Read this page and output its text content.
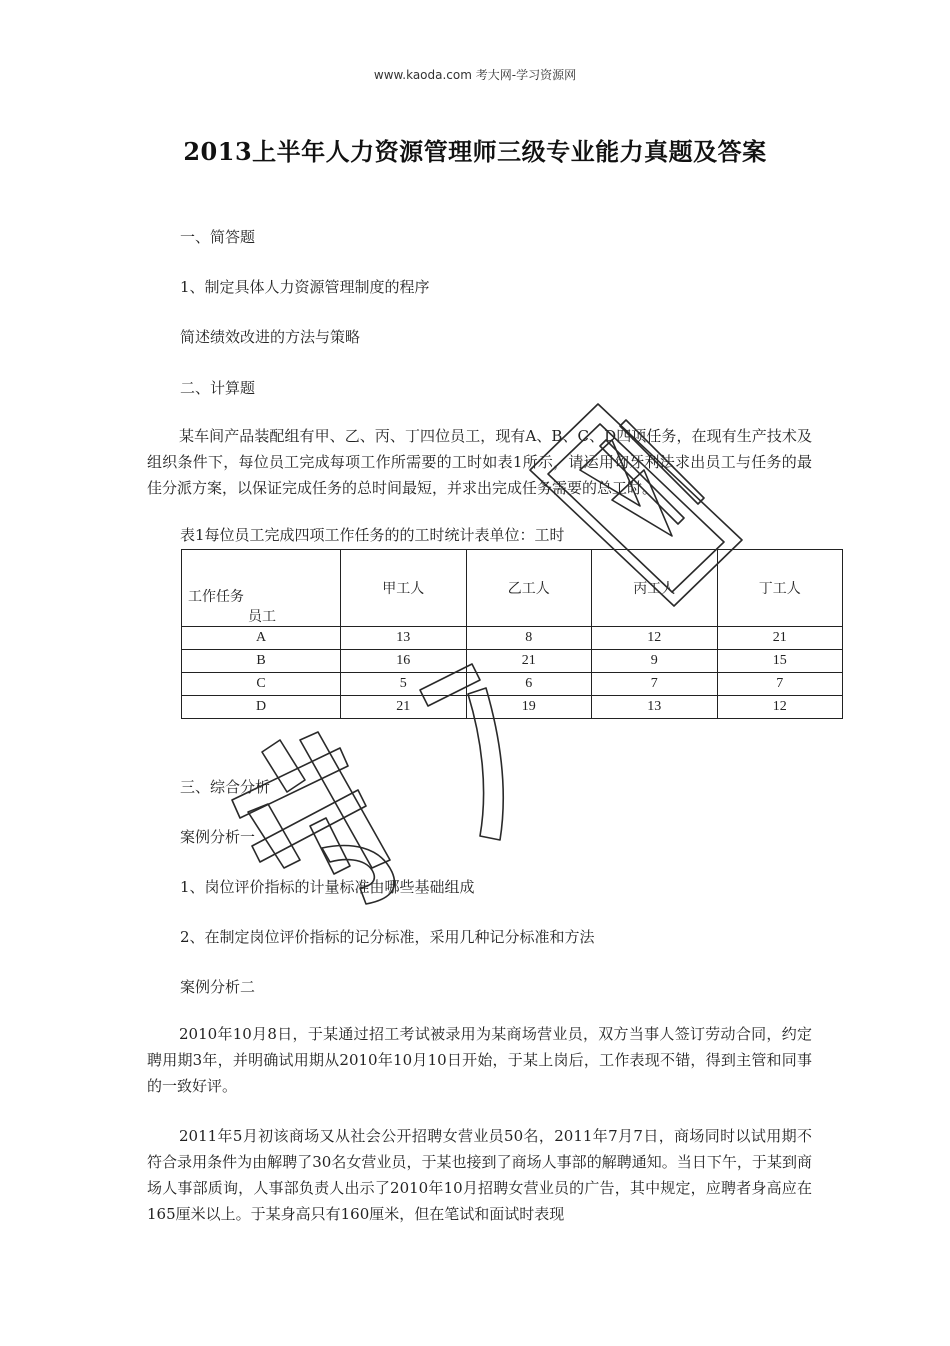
www.kaoda.com 考大网-学习资源网
2013上半年人力资源管理师三级专业能力真题及答案
一、简答题
1、制定具体人力资源管理制度的程序
简述绩效改进的方法与策略
二、计算题
某车间产品装配组有甲、乙、丙、丁四位员工，现有A、B、C、D四项任务，在现有生产技术及组织条件下，每位员工完成每项工作所需要的工时如表1所示，请运用匈牙利法求出员工与任务的最佳分派方案，以保证完成任务的总时间最短，并求出完成任务需要的总工时。
表1每位员工完成四项工作任务的的工时统计表单位：工时
工作任务
员工	甲工人	乙工人	丙工人	丁工人
A	13	8	12	21
B	16	21	9	15
C	5	6	7	7
D	21	19	13	12
三、综合分析
案例分析一
1、岗位评价指标的计量标准由哪些基础组成
2、在制定岗位评价指标的记分标准，采用几种记分标准和方法
案例分析二
2010年10月8日，于某通过招工考试被录用为某商场营业员，双方当事人签订劳动合同，约定聘用期3年，并明确试用期从2010年10月10日开始，于某上岗后，工作表现不错，得到主管和同事的一致好评。
2011年5月初该商场又从社会公开招聘女营业员50名，2011年7月7日，商场同时以试用期不符合录用条件为由解聘了30名女营业员，于某也接到了商场人事部的解聘通知。当日下午，于某到商场人事部质询，人事部负责人出示了2010年10月招聘女营业员的广告，其中规定，应聘者身高应在165厘米以上。于某身高只有160厘米，但在笔试和面试时表现
